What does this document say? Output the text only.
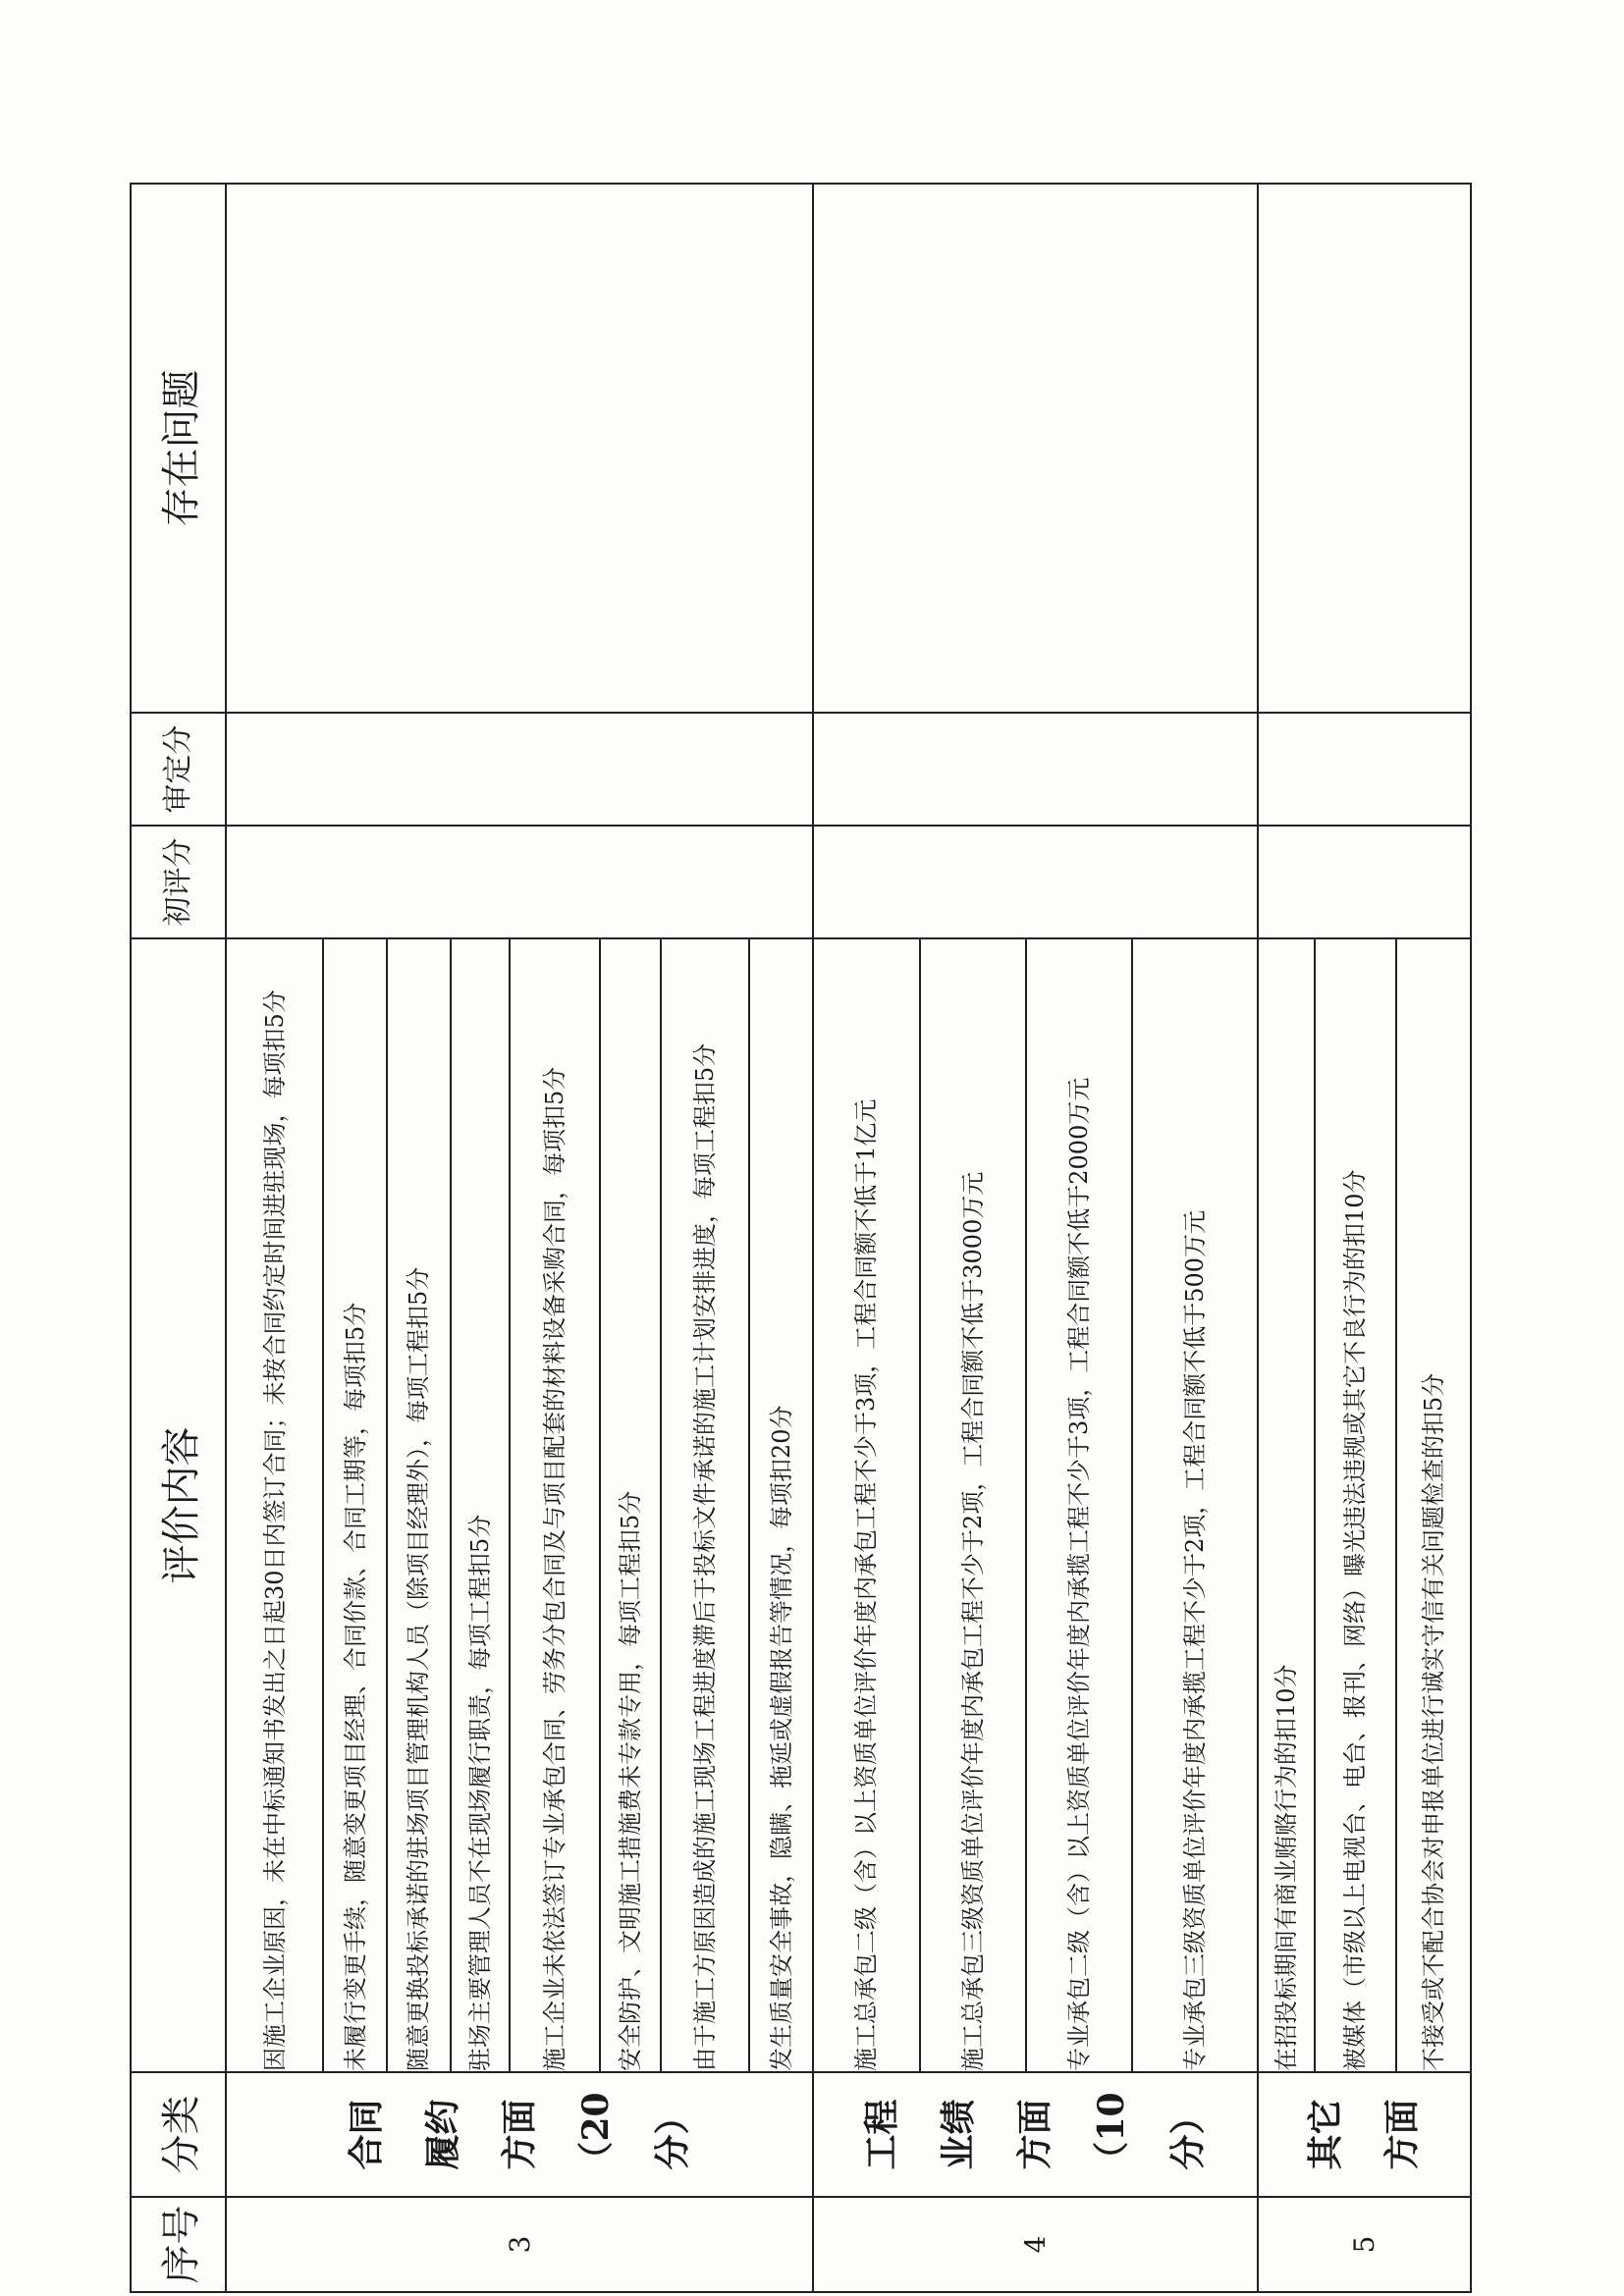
序号	分类	评价内容	初评分	审定分	存在问题
3	合同 履约 方面 （20分）	因施工企业原因，未在中标通知书发出之日起30日内签订合同；未按合同约定时间进驻现场，每项扣5分			
		未履行变更手续，随意变更项目经理、合同价款、合同工期等，每项扣5分			
		随意更换投标承诺的驻场项目管理机构人员（除项目经理外），每项工程扣5分			
		驻场主要管理人员不在现场履行职责，每项工程扣5分			
		施工企业未依法签订专业承包合同、劳务分包合同及与项目配套的材料设备采购合同，每项扣5分			
		安全防护、文明施工措施费未专款专用，每项工程扣5分			
		由于施工方原因造成的施工现场工程进度滞后于投标文件承诺的施工计划安排进度，每项工程扣5分			
		发生质量安全事故，隐瞒、拖延或虚假报告等情况，每项扣20分			
4	工程 业绩 方面 （10分）	施工总承包二级（含）以上资质单位评价年度内承包工程不少于3项，工程合同额不低于1亿元			
		施工总承包三级资质单位评价年度内承包工程不少于2项，工程合同额不低于3000万元			
		专业承包二级（含）以上资质单位评价年度内承揽工程不少于3项，工程合同额不低于2000万元			
		专业承包三级资质单位评价年度内承揽工程不少于2项，工程合同额不低于500万元			
5	其它 方面	在招投标期间有商业贿赂行为的扣10分			
		被媒体（市级以上电视台、电台、报刊、网络）曝光违法违规或其它不良行为的扣10分			
		不接受或不配合协会对申报单位进行诚实守信有关问题检查的扣5分			
